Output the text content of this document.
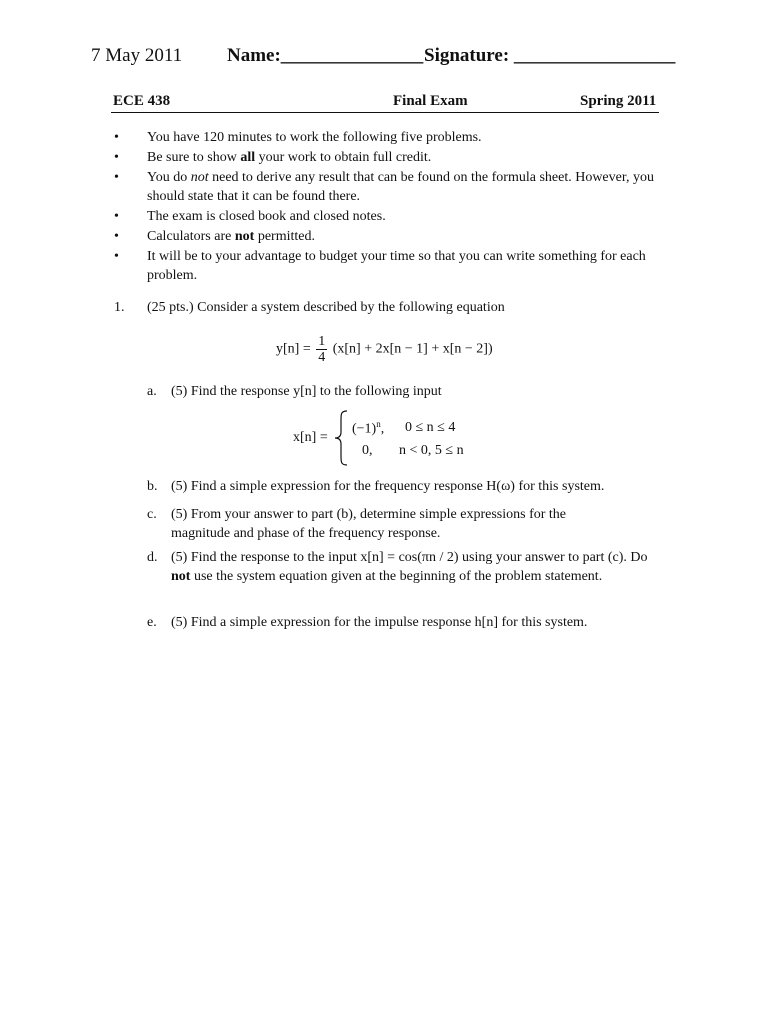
7 May 2011 Name:_______________ Signature: _________________
ECE 438	Final Exam	Spring 2011
• You have 120 minutes to work the following five problems.
• Be sure to show all your work to obtain full credit.
• You do not need to derive any result that can be found on the formula sheet. However, you should state that it can be found there.
• The exam is closed book and closed notes.
• Calculators are not permitted.
• It will be to your advantage to budget your time so that you can write something for each problem.
1. (25 pts.) Consider a system described by the following equation
$y[n] = \frac{1}{4} (x[n] + 2x[n - 1] + x[n - 2])$
a. (5) Find the response y[n] to the following input
x[n] =
$(-1)^n$, 0 ≤ n ≤ 4
0, n < 0, 5 ≤ n
b. (5) Find a simple expression for the frequency response H(ω) for this system.
c. (5) From your answer to part (b), determine simple expressions for the magnitude and phase of the frequency response.
d. (5) Find the response to the input x[n] = cos(πn / 2) using your answer to part (c). Do not use the system equation given at the beginning of the problem statement.
e. (5) Find a simple expression for the impulse response h[n] for this system.
